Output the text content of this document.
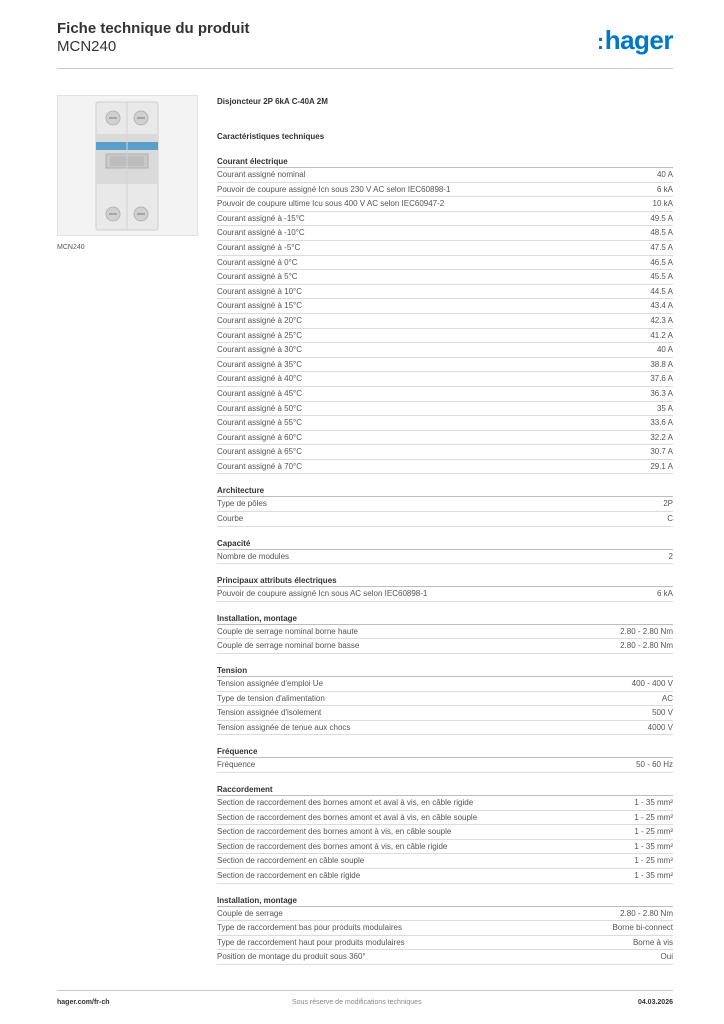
Fiche technique du produit
MCN240	:hager
MCN240
Disjoncteur 2P 6kA C-40A 2M
Caractéristiques techniques
Courant électrique
Courant assigné nominal	40 A
Pouvoir de coupure assigné Icn sous 230 V AC selon IEC60898-1	6 kA
Pouvoir de coupure ultime Icu sous 400 V AC selon IEC60947-2	10 kA
Courant assigné à -15°C	49.5 A
Courant assigné à -10°C	48.5 A
Courant assigné à -5°C	47.5 A
Courant assigné à 0°C	46.5 A
Courant assigné à 5°C	45.5 A
Courant assigné à 10°C	44.5 A
Courant assigné à 15°C	43.4 A
Courant assigné à 20°C	42.3 A
Courant assigné à 25°C	41.2 A
Courant assigné à 30°C	40 A
Courant assigné à 35°C	38.8 A
Courant assigné à 40°C	37.6 A
Courant assigné à 45°C	36.3 A
Courant assigné à 50°C	35 A
Courant assigné à 55°C	33.6 A
Courant assigné à 60°C	32.2 A
Courant assigné à 65°C	30.7 A
Courant assigné à 70°C	29.1 A
Architecture
Type de pôles	2P
Courbe	C
Capacité
Nombre de modules	2
Principaux attributs électriques
Pouvoir de coupure assigné Icn sous AC selon IEC60898-1	6 kA
Installation, montage
Couple de serrage nominal borne haute	2.80 - 2.80 Nm
Couple de serrage nominal borne basse	2.80 - 2.80 Nm
Tension
Tension assignée d'emploi Ue	400 - 400 V
Type de tension d'alimentation	AC
Tension assignée d'isolement	500 V
Tension assignée de tenue aux chocs	4000 V
Fréquence
Fréquence	50 - 60 Hz
Raccordement
Section de raccordement des bornes amont et aval à vis, en câble rigide	1 - 35 mm²
Section de raccordement des bornes amont et aval à vis, en câble souple	1 - 25 mm²
Section de raccordement des bornes amont à vis, en câble souple	1 - 25 mm²
Section de raccordement des bornes amont à vis, en câble rigide	1 - 35 mm²
Section de raccordement en câble souple	1 - 25 mm²
Section de raccordement en câble rigide	1 - 35 mm²
Installation, montage
Couple de serrage	2.80 - 2.80 Nm
Type de raccordement bas pour produits modulaires	Borne bi-connect
Type de raccordement haut pour produits modulaires	Borne à vis
Position de montage du produit sous 360°	Oui
hager.com/fr-ch	Sous réserve de modifications techniques	04.03.2026
